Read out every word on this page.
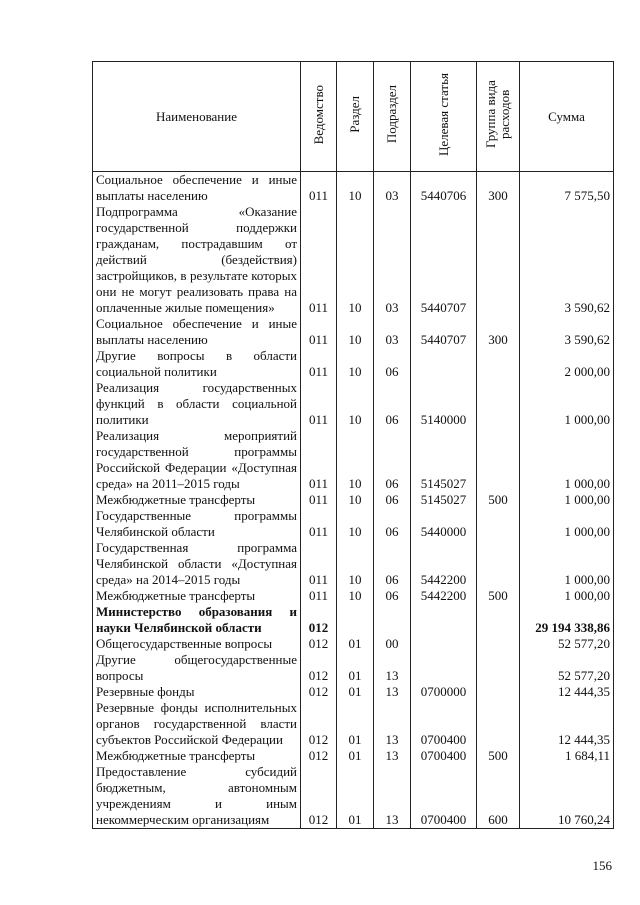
Наименование	Ведомство	Раздел	Подраздел	Целевая статья	Группа вида расходов	Сумма
Социальное обеспечение и иные выплаты населению	011	10	03	5440706	300	7 575,50
Подпрограмма «Оказание государственной поддержки гражданам, пострадавшим от действий (бездействия) застройщиков, в результате которых они не могут реализовать права на оплаченные жилые помещения»	011	10	03	5440707		3 590,62
Социальное обеспечение и иные выплаты населению	011	10	03	5440707	300	3 590,62
Другие вопросы в области социальной политики	011	10	06			2 000,00
Реализация государственных функций в области социальной политики	011	10	06	5140000		1 000,00
Реализация мероприятий государственной программы Российской Федерации «Доступная среда» на 2011–2015 годы	011	10	06	5145027		1 000,00
Межбюджетные трансферты	011	10	06	5145027	500	1 000,00
Государственные программы Челябинской области	011	10	06	5440000		1 000,00
Государственная программа Челябинской области «Доступная среда» на 2014–2015 годы	011	10	06	5442200		1 000,00
Межбюджетные трансферты	011	10	06	5442200	500	1 000,00
Министерство образования и науки Челябинской области	012					29 194 338,86
Общегосударственные вопросы	012	01	00			52 577,20
Другие общегосударственные вопросы	012	01	13			52 577,20
Резервные фонды	012	01	13	0700000		12 444,35
Резервные фонды исполнительных органов государственной власти субъектов Российской Федерации	012	01	13	0700400		12 444,35
Межбюджетные трансферты	012	01	13	0700400	500	1 684,11
Предоставление субсидий бюджетным, автономным учреждениям и иным некоммерческим организациям	012	01	13	0700400	600	10 760,24
156
